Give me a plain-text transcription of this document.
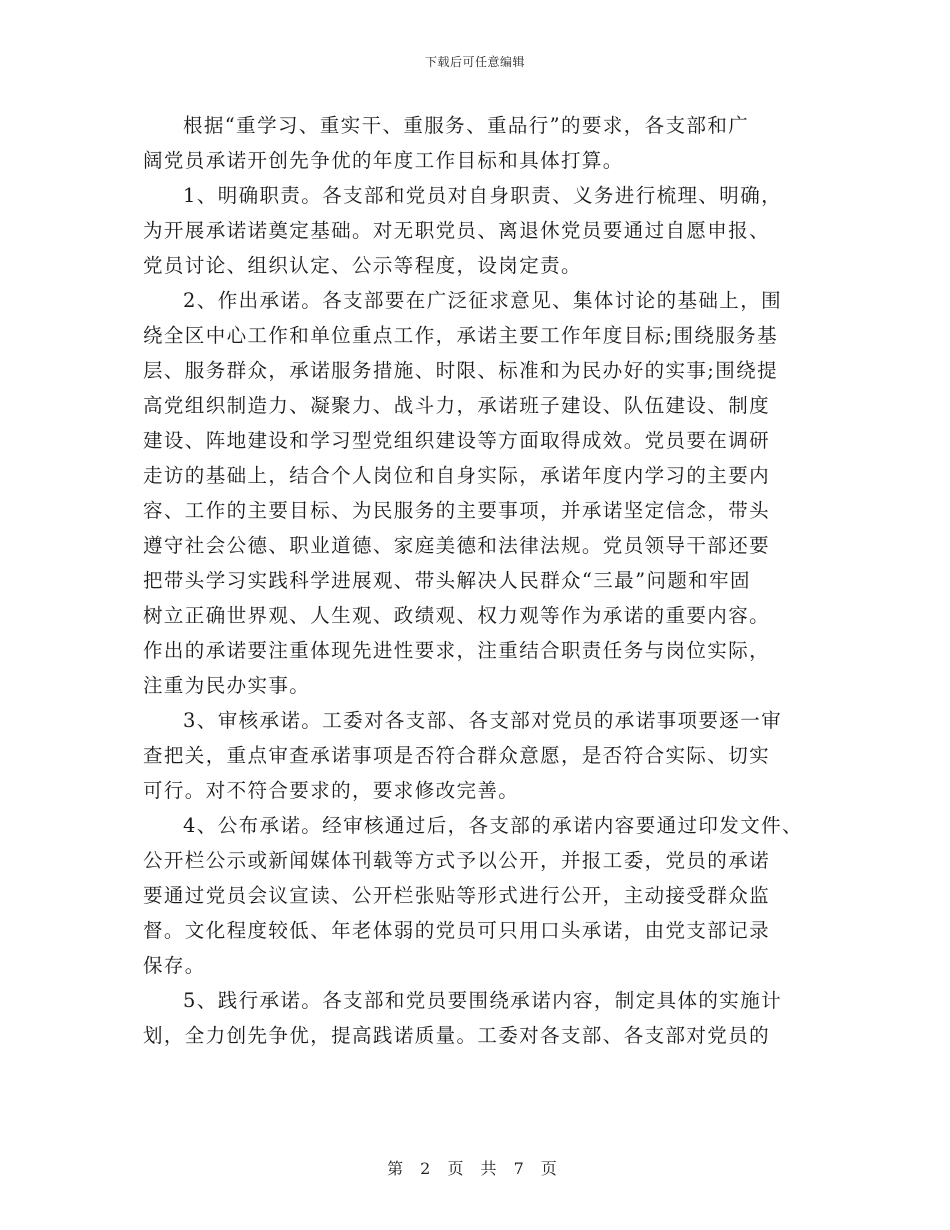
下载后可任意编辑

根据“重学习、重实干、重服务、重品行”的要求，各支部和广
阔党员承诺开创先争优的年度工作目标和具体打算。

1、明确职责。各支部和党员对自身职责、义务进行梳理、明确，
为开展承诺诺奠定基础。对无职党员、离退休党员要通过自愿申报、
党员讨论、组织认定、公示等程度，设岗定责。

2、作出承诺。各支部要在广泛征求意见、集体讨论的基础上，围
绕全区中心工作和单位重点工作，承诺主要工作年度目标;围绕服务基
层、服务群众，承诺服务措施、时限、标准和为民办好的实事;围绕提
高党组织制造力、凝聚力、战斗力，承诺班子建设、队伍建设、制度
建设、阵地建设和学习型党组织建设等方面取得成效。党员要在调研
走访的基础上，结合个人岗位和自身实际，承诺年度内学习的主要内
容、工作的主要目标、为民服务的主要事项，并承诺坚定信念，带头
遵守社会公德、职业道德、家庭美德和法律法规。党员领导干部还要
把带头学习实践科学进展观、带头解决人民群众“三最”问题和牢固
树立正确世界观、人生观、政绩观、权力观等作为承诺的重要内容。
作出的承诺要注重体现先进性要求，注重结合职责任务与岗位实际，
注重为民办实事。

3、审核承诺。工委对各支部、各支部对党员的承诺事项要逐一审
查把关，重点审查承诺事项是否符合群众意愿，是否符合实际、切实
可行。对不符合要求的，要求修改完善。

4、公布承诺。经审核通过后，各支部的承诺内容要通过印发文件、
公开栏公示或新闻媒体刊载等方式予以公开，并报工委，党员的承诺
要通过党员会议宣读、公开栏张贴等形式进行公开，主动接受群众监
督。文化程度较低、年老体弱的党员可只用口头承诺，由党支部记录
保存。

5、践行承诺。各支部和党员要围绕承诺内容，制定具体的实施计
划，全力创先争优，提高践诺质量。工委对各支部、各支部对党员的

第 2 页 共 7 页
